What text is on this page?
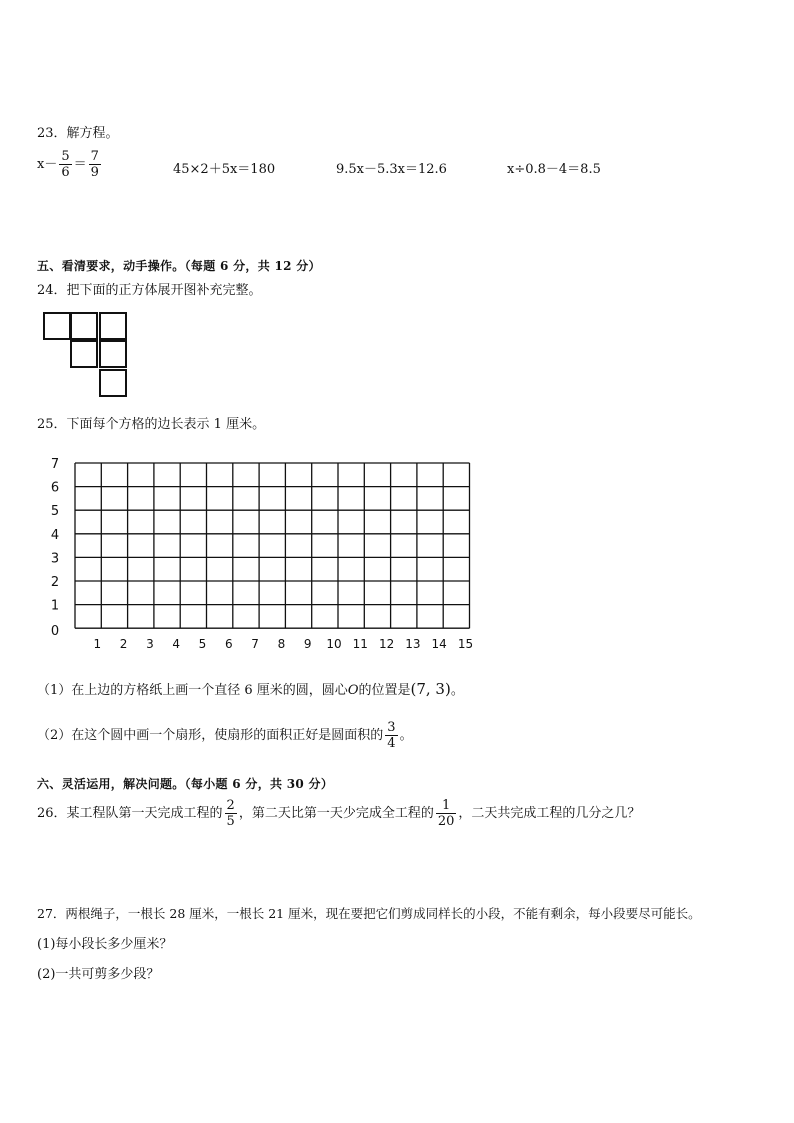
23．解方程。
$x- \frac{5}{6} = \frac{7}{9}$	45×2＋5x＝180	9.5x－5.3x＝12.6	x÷0.8－4＝8.5
五、看清要求，动手操作。（每题 6 分，共 12 分）
24．把下面的正方体展开图补充完整。
25．下面每个方格的边长表示 1 厘米。
0
1
2
3
4
5
6
7
1 2 3 4 5 6 7 8 9 10 11 12 13 14 15
（1）在上边的方格纸上画一个直径 6 厘米的圆，圆心O的位置是(7, 3)。
（2）在这个圆中画一个扇形，使扇形的面积正好是圆面积的 $\frac{3}{4}$ 。
六、灵活运用，解决问题。（每小题 6 分，共 30 分）
26．某工程队第一天完成工程的 $\frac{2}{5}$ ，第二天比第一天少完成全工程的 $\frac{1}{20}$ ，二天共完成工程的几分之几？
27．两根绳子，一根长 28 厘米，一根长 21 厘米，现在要把它们剪成同样长的小段，不能有剩余，每小段要尽可能长。
(1)每小段长多少厘米？
(2)一共可剪多少段？
